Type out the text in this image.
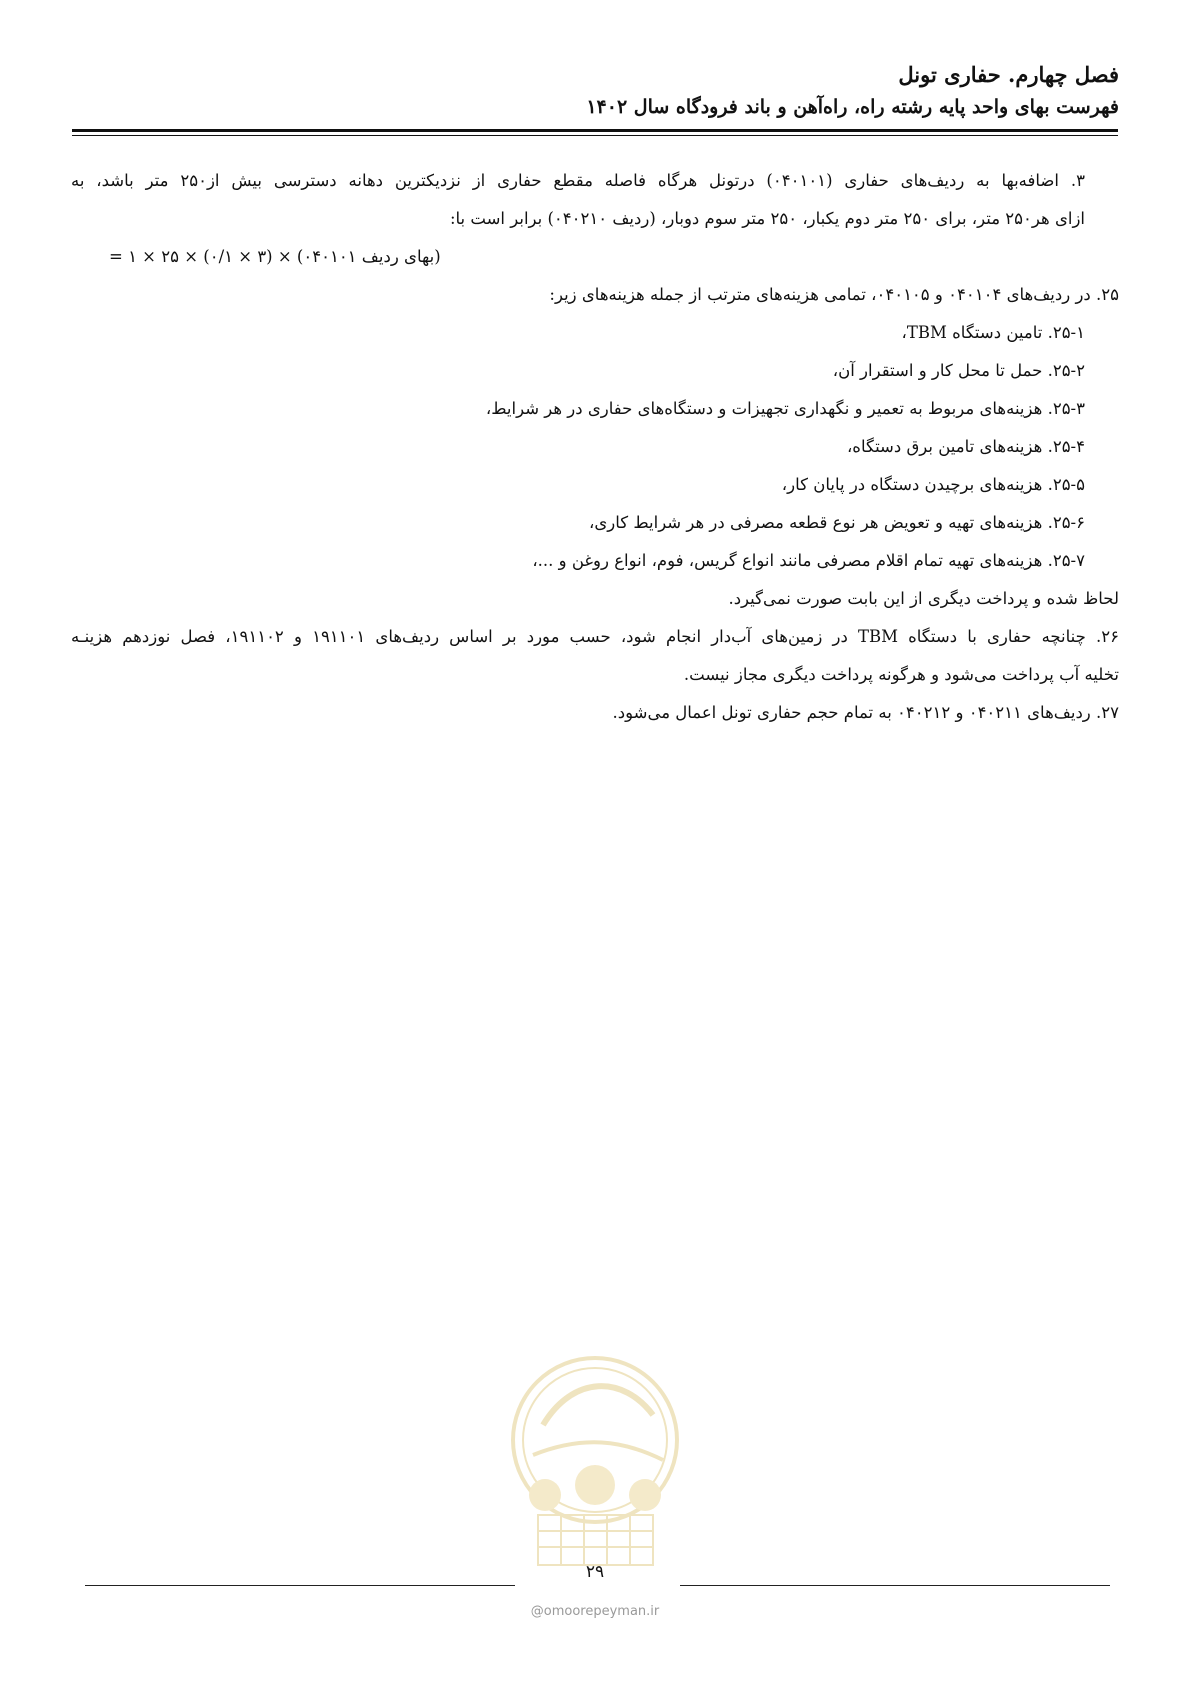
فصل چهارم. حفاری تونل
فهرست بهای واحد پایه رشته راه، راه‌آهن و باند فرودگاه سال ۱۴۰۲
۳. اضافه‌بها به ردیف‌های حفاری (۰۴۰۱۰۱) درتونل هرگاه فاصله مقطع حفاری از نزدیکترین دهانه دسترسی بیش از۲۵۰ متر باشد، به
ازای هر۲۵۰ متر، برای ۲۵۰ متر دوم یکبار، ۲۵۰ متر سوم دوبار، (ردیف ۰۴۰۲۱۰) برابر است با:
= ۱ × ۲۵ × (۰/۱ × ۳) × (بهای ردیف ۰۴۰۱۰۱)
۲۵. در ردیف‌های ۰۴۰۱۰۴ و ۰۴۰۱۰۵، تمامی هزینه‌های مترتب از جمله هزینه‌های زیر:
۲۵-۱. تامین دستگاه TBM،
۲۵-۲. حمل تا محل کار و استقرار آن،
۲۵-۳. هزینه‌های مربوط به تعمیر و نگهداری تجهیزات و دستگاه‌های حفاری در هر شرایط،
۲۵-۴. هزینه‌های تامین برق دستگاه،
۲۵-۵. هزینه‌های برچیدن دستگاه در پایان کار،
۲۵-۶. هزینه‌های تهیه و تعویض هر نوع قطعه مصرفی در هر شرایط کاری،
۲۵-۷. هزینه‌های تهیه تمام اقلام مصرفی مانند انواع گریس، فوم، انواع روغن و ...،
لحاظ شده و پرداخت دیگری از این بابت صورت نمی‌گیرد.
۲۶. چنانچه حفاری با دستگاه TBM در زمین‌های آب‌دار انجام شود، حسب مورد بر اساس ردیف‌های ۱۹۱۱۰۱ و ۱۹۱۱۰۲، فصل نوزدهم هزینـه
تخلیه آب پرداخت می‌شود و هرگونه پرداخت دیگری مجاز نیست.
۲۷. ردیف‌های ۰۴۰۲۱۱ و ۰۴۰۲۱۲ به تمام حجم حفاری تونل اعمال می‌شود.
۲۹
@omoorepeyman.ir
